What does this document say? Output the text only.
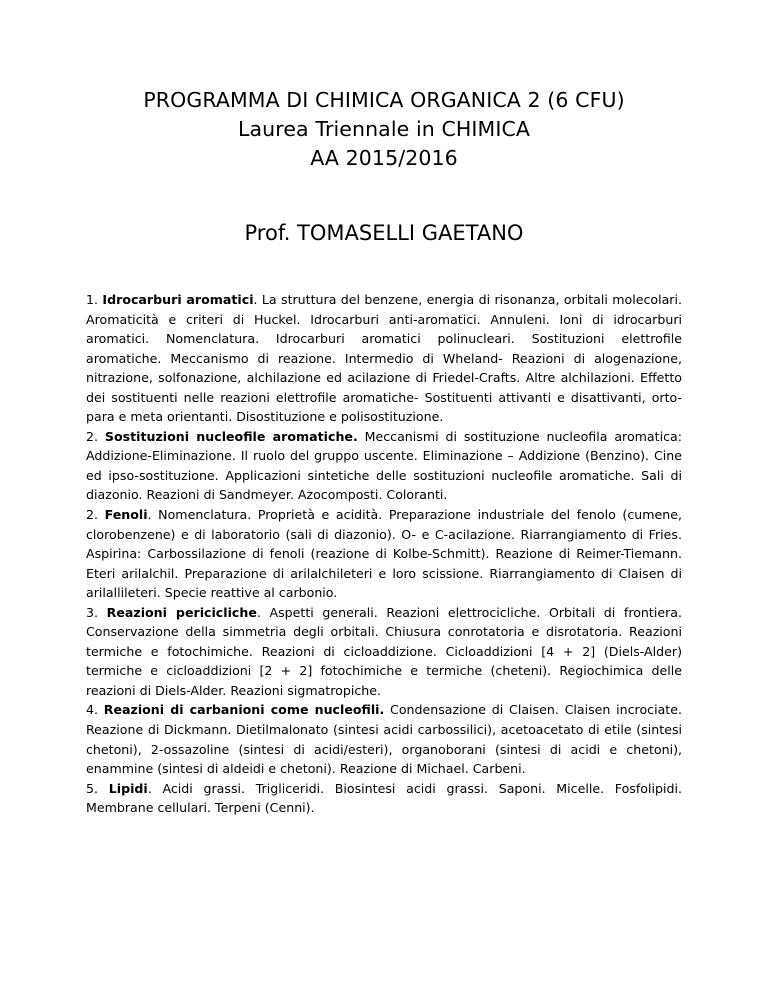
PROGRAMMA DI CHIMICA ORGANICA 2 (6 CFU)
Laurea Triennale in CHIMICA
AA 2015/2016
Prof. TOMASELLI GAETANO

1. Idrocarburi aromatici. La struttura del benzene, energia di risonanza, orbitali molecolari. Aromaticità e criteri di Huckel. Idrocarburi anti-aromatici. Annuleni. Ioni di idrocarburi aromatici. Nomenclatura. Idrocarburi aromatici polinucleari. Sostituzioni elettrofile aromatiche. Meccanismo di reazione. Intermedio di Wheland- Reazioni di alogenazione, nitrazione, solfonazione, alchilazione ed acilazione di Friedel-Crafts. Altre alchilazioni. Effetto dei sostituenti nelle reazioni elettrofile aromatiche- Sostituenti attivanti e disattivanti, orto-para e meta orientanti. Disostituzione e polisostituzione.

2. Sostituzioni nucleofile aromatiche. Meccanismi di sostituzione nucleofila aromatica: Addizione-Eliminazione. Il ruolo del gruppo uscente. Eliminazione – Addizione (Benzino). Cine ed ipso-sostituzione. Applicazioni sintetiche delle sostituzioni nucleofile aromatiche. Sali di diazonio. Reazioni di Sandmeyer. Azocomposti. Coloranti.

2. Fenoli. Nomenclatura. Proprietà e acidità. Preparazione industriale del fenolo (cumene, clorobenzene) e di laboratorio (sali di diazonio). O- e C-acilazione. Riarrangiamento di Fries. Aspirina: Carbossilazione di fenoli (reazione di Kolbe-Schmitt). Reazione di Reimer-Tiemann. Eteri arilalchil. Preparazione di arilalchileteri e loro scissione. Riarrangiamento di Claisen di arilallileteri. Specie reattive al carbonio.

3. Reazioni pericicliche. Aspetti generali. Reazioni elettrocicliche. Orbitali di frontiera. Conservazione della simmetria degli orbitali. Chiusura conrotatoria e disrotatoria. Reazioni termiche e fotochimiche. Reazioni di cicloaddizione. Cicloaddizioni [4 + 2] (Diels-Alder) termiche e cicloaddizioni [2 + 2] fotochimiche e termiche (cheteni). Regiochimica delle reazioni di Diels-Alder. Reazioni sigmatropiche.

4. Reazioni di carbanioni come nucleofili. Condensazione di Claisen. Claisen incrociate. Reazione di Dickmann. Dietilmalonato (sintesi acidi carbossilici), acetoacetato di etile (sintesi chetoni), 2-ossazoline (sintesi di acidi/esteri), organoborani (sintesi di acidi e chetoni), enammine (sintesi di aldeidi e chetoni). Reazione di Michael. Carbeni.

5. Lipidi. Acidi grassi. Trigliceridi. Biosintesi acidi grassi. Saponi. Micelle. Fosfolipidi. Membrane cellulari. Terpeni (Cenni).
